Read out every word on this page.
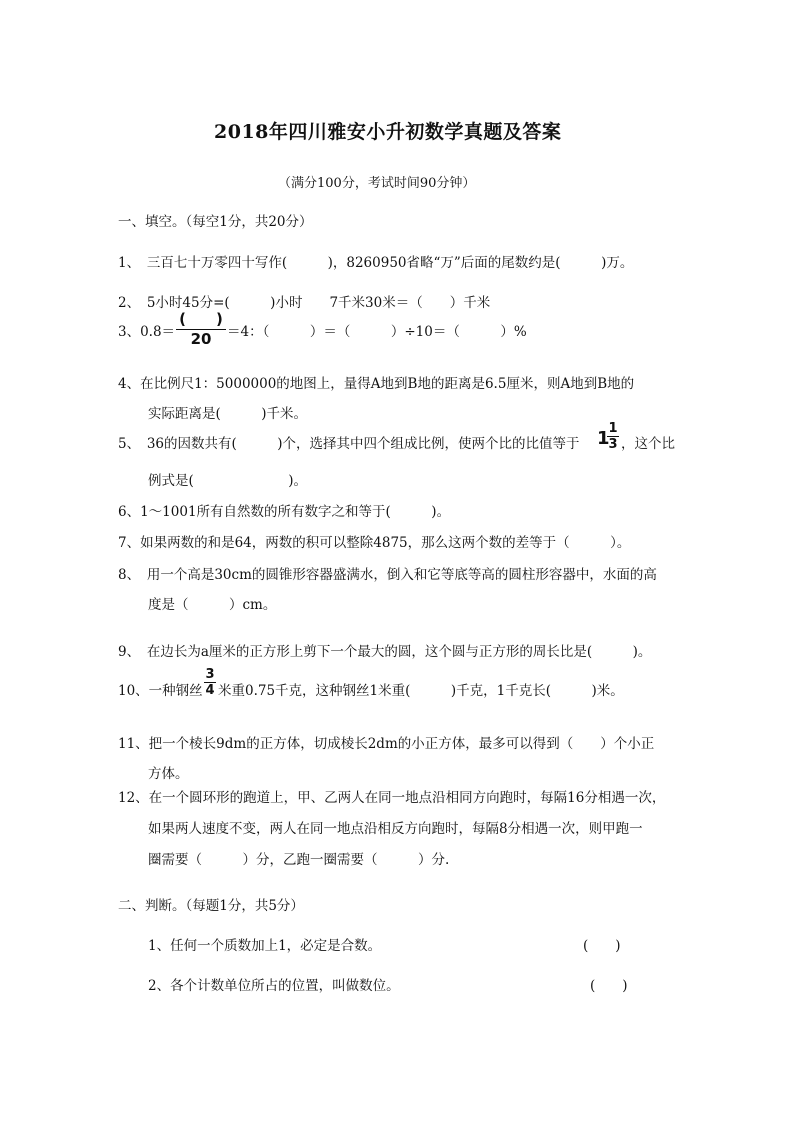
2018年四川雅安小升初数学真题及答案
（满分100分，考试时间90分钟）
一、填空。（每空1分，共20分）
1、　三百七十万零四十写作(　　　)，8260950省略“万”后面的尾数约是(　　　)万。
2、　5小时45分=(　　　)小时　　7千米30米＝（　　）千米
3、0.8＝
(　　)
20	＝4：（　　　）＝（　　　）÷10＝（　　　）%
4、在比例尺1：5000000的地图上，量得A地到B地的距离是6.5厘米，则A地到B地的
实际距离是(　　　)千米。
5、　36的因数共有(　　　)个，选择其中四个组成比例，使两个比的比值等于 1
1
3 ，这个比
例式是(　　　　　　　)。
6、1～1001所有自然数的所有数字之和等于(　　　)。
7、如果两数的和是64，两数的积可以整除4875，那么这两个数的差等于（　　　）。
8、　用一个高是30cm的圆锥形容器盛满水，倒入和它等底等高的圆柱形容器中，水面的高
度是（　　　）cm。
9、　在边长为a厘米的正方形上剪下一个最大的圆，这个圆与正方形的周长比是(　　　)。
10、一种钢丝
3
4 米重0.75千克，这种钢丝1米重(　　　)千克，1千克长(　　　)米。
11、把一个棱长9dm的正方体，切成棱长2dm的小正方体，最多可以得到（　　）个小正
方体。
12、在一个圆环形的跑道上，甲、乙两人在同一地点沿相同方向跑时，每隔16分相遇一次，
如果两人速度不变，两人在同一地点沿相反方向跑时，每隔8分相遇一次，则甲跑一
圈需要（　　　）分，乙跑一圈需要（　　　）分.
二、判断。（每题1分，共5分）
1、任何一个质数加上1，必定是合数。	(　　)
2、各个计数单位所占的位置，叫做数位。	(　　)
